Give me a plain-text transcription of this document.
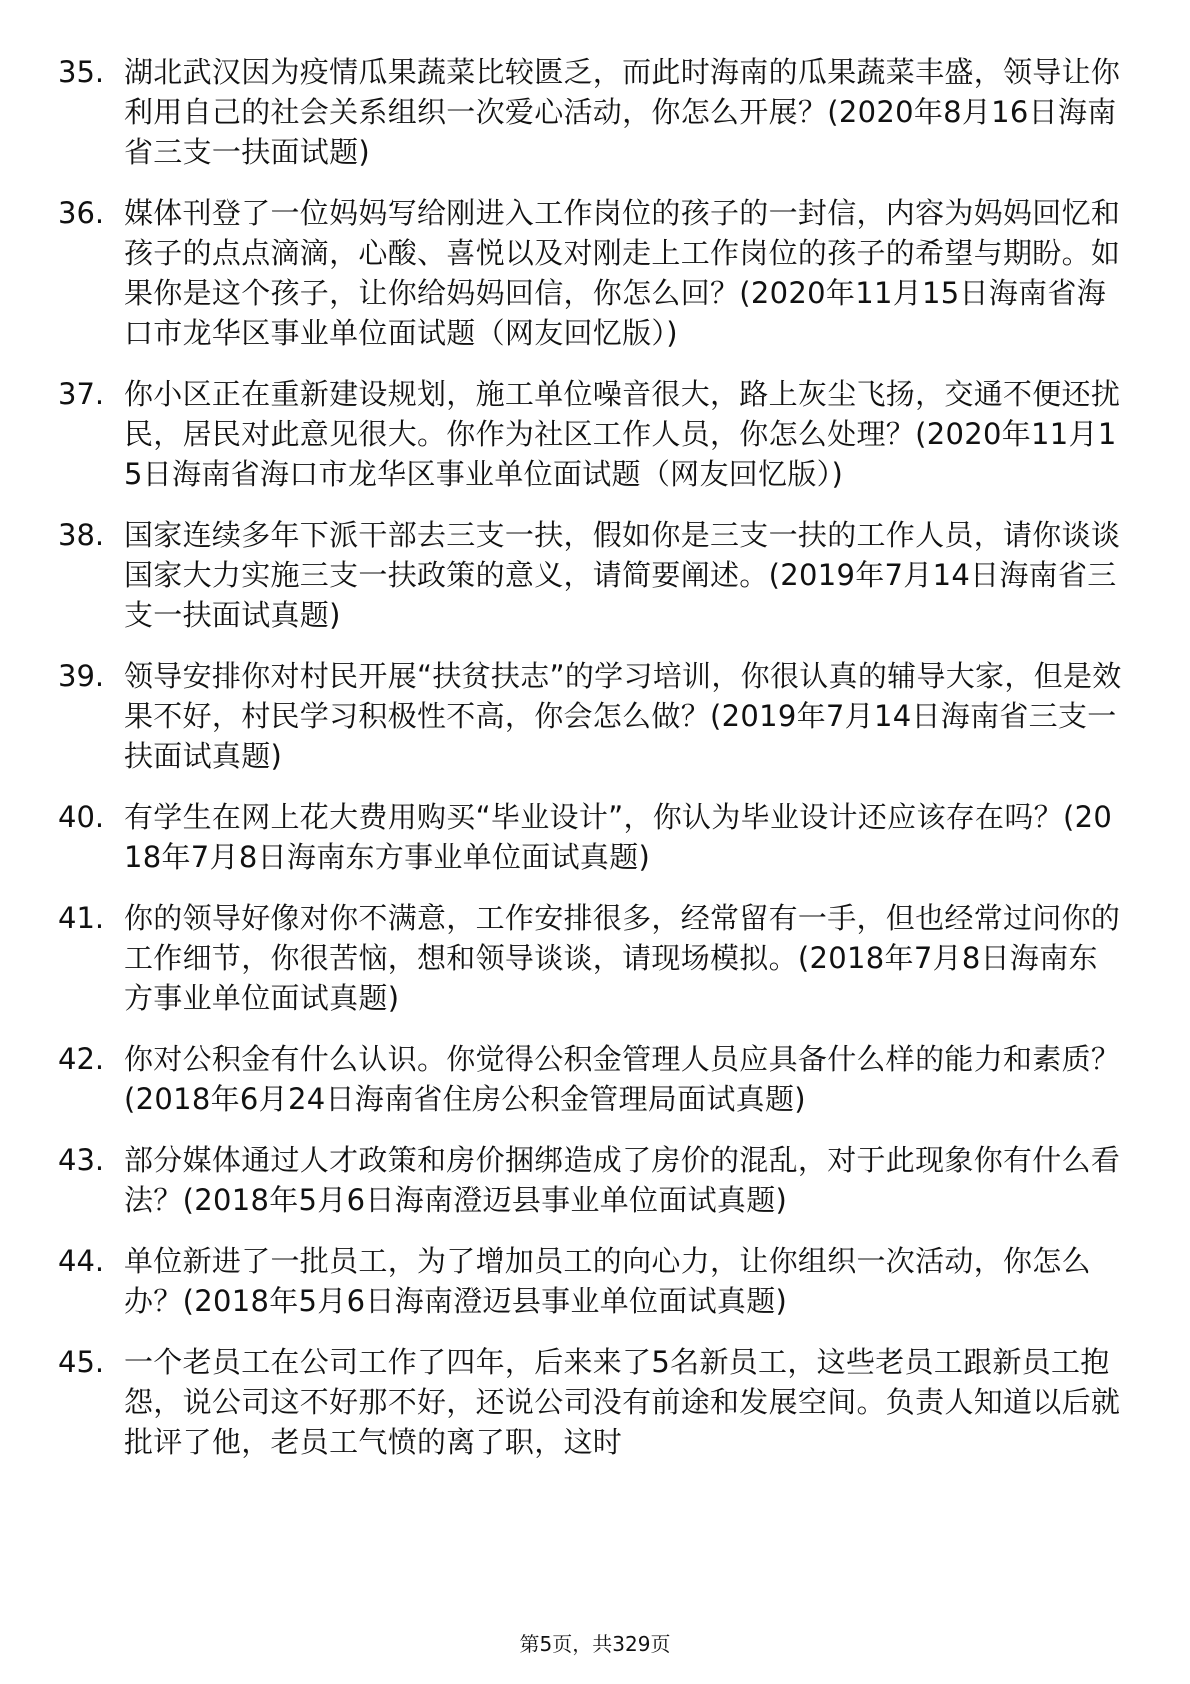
35. 湖北武汉因为疫情瓜果蔬菜比较匮乏，而此时海南的瓜果蔬菜丰盛，领导让你利用自己的社会关系组织一次爱心活动，你怎么开展？(2020年8月16日海南省三支一扶面试题)
36. 媒体刊登了一位妈妈写给刚进入工作岗位的孩子的一封信，内容为妈妈回忆和孩子的点点滴滴，心酸、喜悦以及对刚走上工作岗位的孩子的希望与期盼。如果你是这个孩子，让你给妈妈回信，你怎么回？(2020年11月15日海南省海口市龙华区事业单位面试题（网友回忆版）)
37. 你小区正在重新建设规划，施工单位噪音很大，路上灰尘飞扬，交通不便还扰民，居民对此意见很大。你作为社区工作人员，你怎么处理？(2020年11月15日海南省海口市龙华区事业单位面试题（网友回忆版）)
38. 国家连续多年下派干部去三支一扶，假如你是三支一扶的工作人员，请你谈谈国家大力实施三支一扶政策的意义，请简要阐述。(2019年7月14日海南省三支一扶面试真题)
39. 领导安排你对村民开展“扶贫扶志”的学习培训，你很认真的辅导大家，但是效果不好，村民学习积极性不高，你会怎么做？(2019年7月14日海南省三支一扶面试真题)
40. 有学生在网上花大费用购买“毕业设计”，你认为毕业设计还应该存在吗？(2018年7月8日海南东方事业单位面试真题)
41. 你的领导好像对你不满意，工作安排很多，经常留有一手，但也经常过问你的工作细节，你很苦恼，想和领导谈谈，请现场模拟。(2018年7月8日海南东方事业单位面试真题)
42. 你对公积金有什么认识。你觉得公积金管理人员应具备什么样的能力和素质？(2018年6月24日海南省住房公积金管理局面试真题)
43. 部分媒体通过人才政策和房价捆绑造成了房价的混乱，对于此现象你有什么看法？(2018年5月6日海南澄迈县事业单位面试真题)
44. 单位新进了一批员工，为了增加员工的向心力，让你组织一次活动，你怎么办？(2018年5月6日海南澄迈县事业单位面试真题)
45. 一个老员工在公司工作了四年，后来来了5名新员工，这些老员工跟新员工抱怨，说公司这不好那不好，还说公司没有前途和发展空间。负责人知道以后就批评了他，老员工气愤的离了职，这时
第5页，共329页
